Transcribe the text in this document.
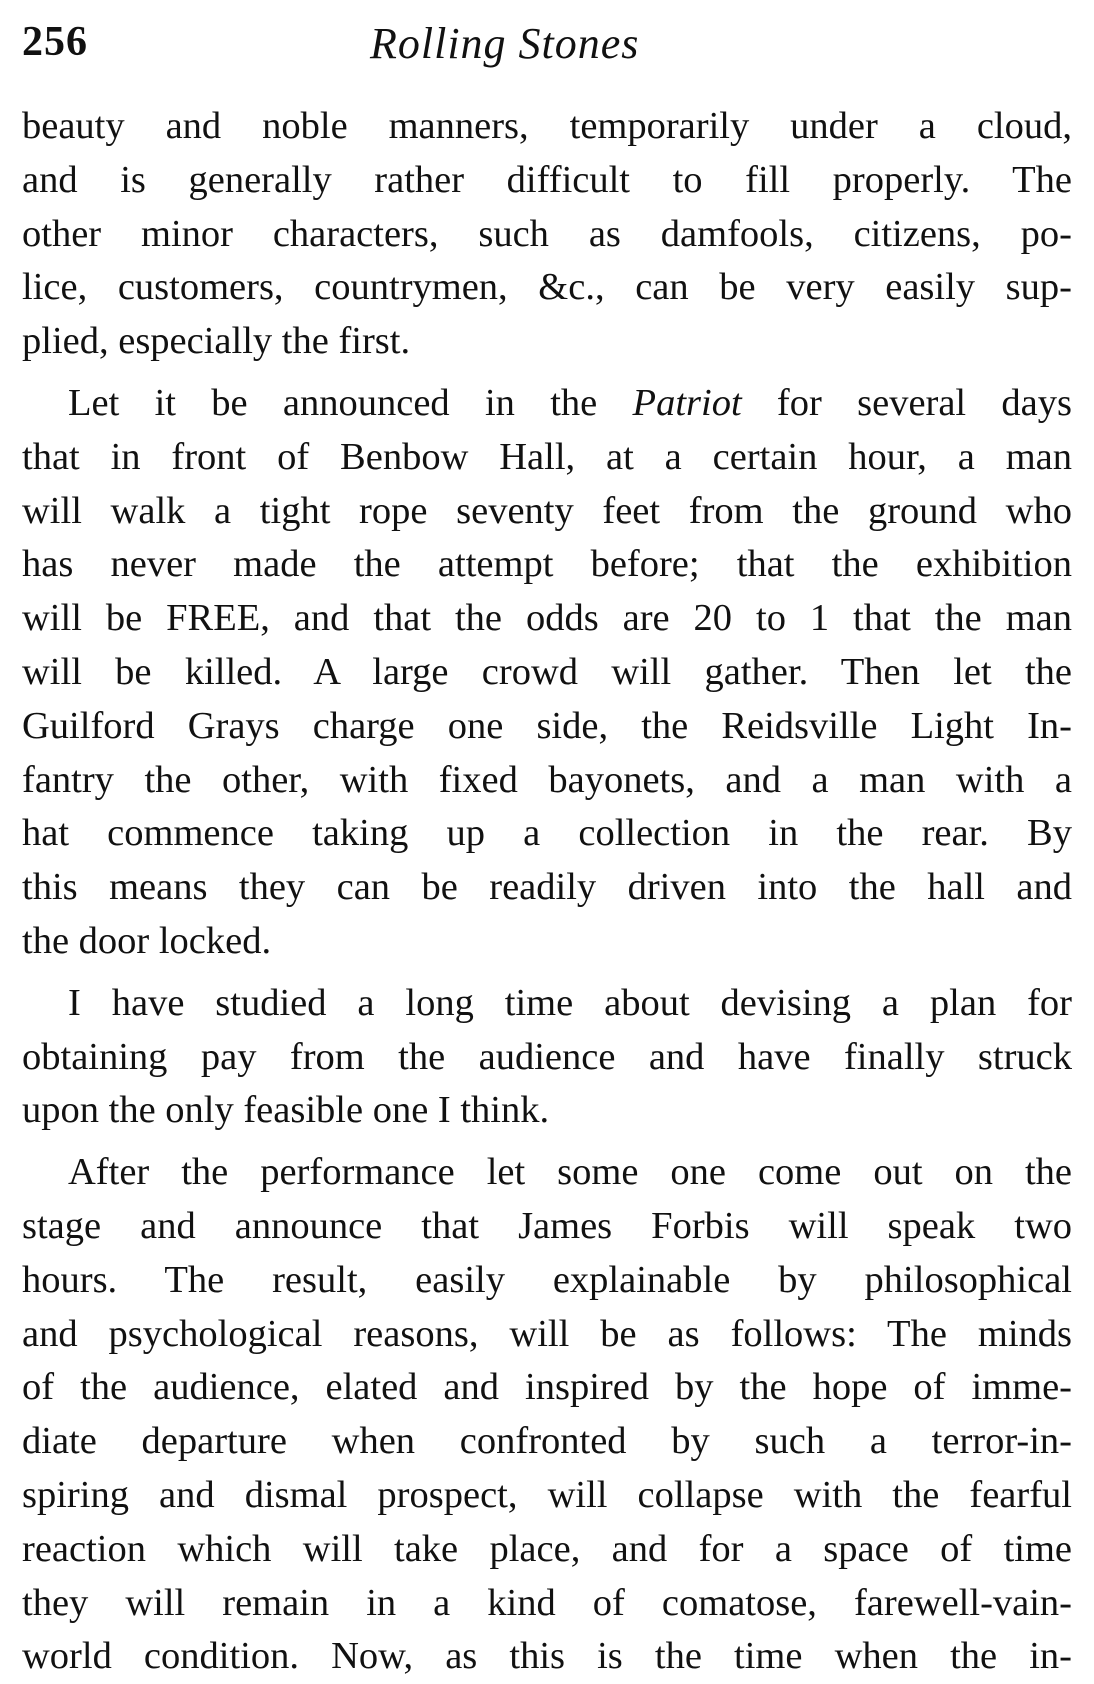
256	Rolling Stones
beauty and noble manners, temporarily under a cloud,
and is generally rather difficult to fill properly. The
other minor characters, such as damfools, citizens, po-
lice, customers, countrymen, &c., can be very easily sup-
plied, especially the first.
Let it be announced in the Patriot for several days
that in front of Benbow Hall, at a certain hour, a man
will walk a tight rope seventy feet from the ground who
has never made the attempt before; that the exhibition
will be FREE, and that the odds are 20 to 1 that the man
will be killed. A large crowd will gather. Then let the
Guilford Grays charge one side, the Reidsville Light In-
fantry the other, with fixed bayonets, and a man with a
hat commence taking up a collection in the rear. By
this means they can be readily driven into the hall and
the door locked.
I have studied a long time about devising a plan for
obtaining pay from the audience and have finally struck
upon the only feasible one I think.
After the performance let some one come out on the
stage and announce that James Forbis will speak two
hours. The result, easily explainable by philosophical
and psychological reasons, will be as follows: The minds
of the audience, elated and inspired by the hope of imme-
diate departure when confronted by such a terror-in-
spiring and dismal prospect, will collapse with the fearful
reaction which will take place, and for a space of time
they will remain in a kind of comatose, farewell-vain-
world condition. Now, as this is the time when the in-
